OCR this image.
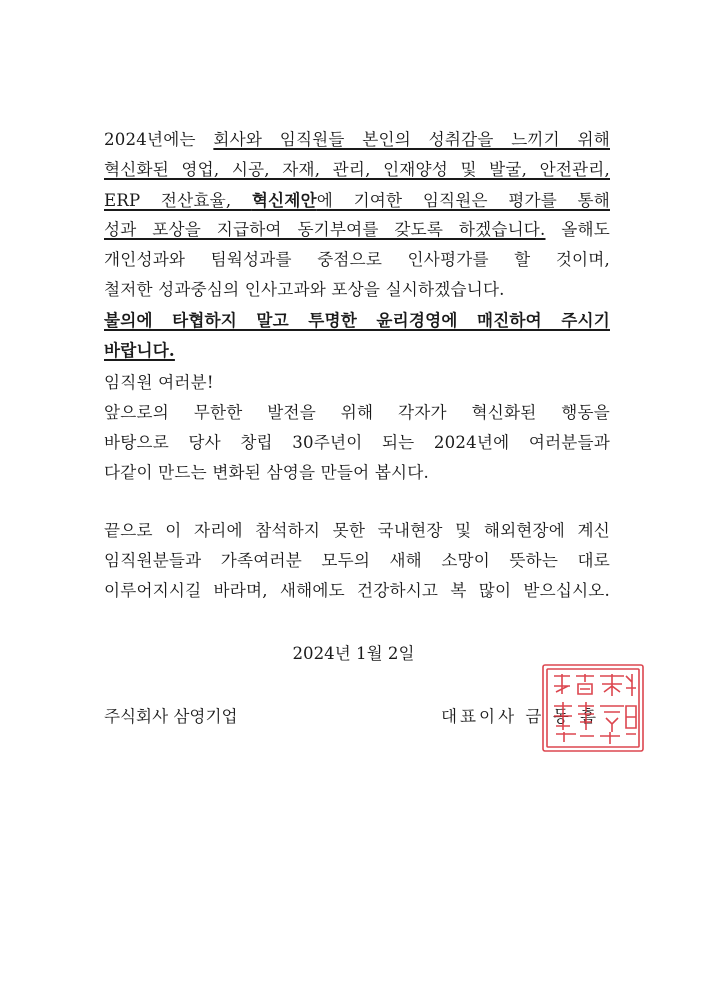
2024년에는 회사와 임직원들 본인의 성취감을 느끼기 위해
혁신화된 영업, 시공, 자재, 관리, 인재양성 및 발굴, 안전관리,
ERP 전산효율, 혁신제안에 기여한 임직원은 평가를 통해
성과 포상을 지급하여 동기부여를 갖도록 하겠습니다. 올해도
개인성과와 팀웍성과를 중점으로 인사평가를 할 것이며,
철저한 성과중심의 인사고과와 포상을 실시하겠습니다.
불의에 타협하지 말고 투명한 윤리경영에 매진하여 주시기
바랍니다.
임직원 여러분!
앞으로의 무한한 발전을 위해 각자가 혁신화된 행동을
바탕으로 당사 창립 30주년이 되는 2024년에 여러분들과
다같이 만드는 변화된 삼영을 만들어 봅시다.
끝으로 이 자리에 참석하지 못한 국내현장 및 해외현장에 계신
임직원분들과 가족여러분 모두의 새해 소망이 뜻하는 대로
이루어지시길 바라며, 새해에도 건강하시고 복 많이 받으십시오.
2024년 1월 2일
주식회사 삼영기업	대표이사 금 동 흠
